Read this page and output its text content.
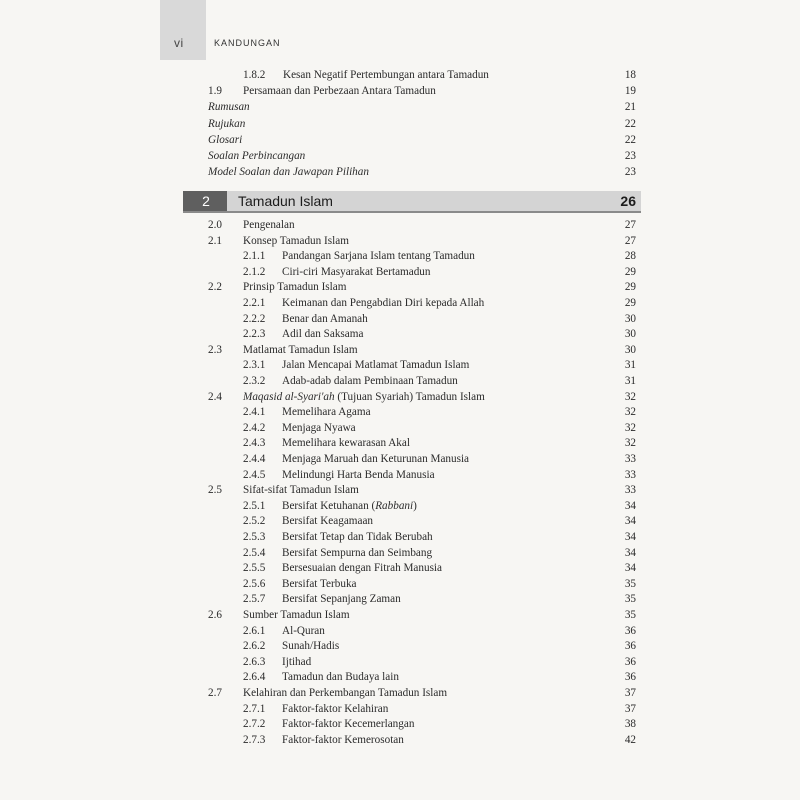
vi	KANDUNGAN
1.8.2 Kesan Negatif Pertembungan antara Tamadun	18
1.9 Persamaan dan Perbezaan Antara Tamadun	19
Rumusan	21
Rujukan	22
Glosari	22
Soalan Perbincangan	23
Model Soalan dan Jawapan Pilihan	23
2	Tamadun Islam	26
2.0 Pengenalan	27
2.1 Konsep Tamadun Islam	27
2.1.1 Pandangan Sarjana Islam tentang Tamadun	28
2.1.2 Ciri-ciri Masyarakat Bertamadun	29
2.2 Prinsip Tamadun Islam	29
2.2.1 Keimanan dan Pengabdian Diri kepada Allah	29
2.2.2 Benar dan Amanah	30
2.2.3 Adil dan Saksama	30
2.3 Matlamat Tamadun Islam	30
2.3.1 Jalan Mencapai Matlamat Tamadun Islam	31
2.3.2 Adab-adab dalam Pembinaan Tamadun	31
2.4 Maqasid al-Syari'ah (Tujuan Syariah) Tamadun Islam	32
2.4.1 Memelihara Agama	32
2.4.2 Menjaga Nyawa	32
2.4.3 Memelihara kewarasan Akal	32
2.4.4 Menjaga Maruah dan Keturunan Manusia	33
2.4.5 Melindungi Harta Benda Manusia	33
2.5 Sifat-sifat Tamadun Islam	33
2.5.1 Bersifat Ketuhanan (Rabbani)	34
2.5.2 Bersifat Keagamaan	34
2.5.3 Bersifat Tetap dan Tidak Berubah	34
2.5.4 Bersifat Sempurna dan Seimbang	34
2.5.5 Bersesuaian dengan Fitrah Manusia	34
2.5.6 Bersifat Terbuka	35
2.5.7 Bersifat Sepanjang Zaman	35
2.6 Sumber Tamadun Islam	35
2.6.1 Al-Quran	36
2.6.2 Sunah/Hadis	36
2.6.3 Ijtihad	36
2.6.4 Tamadun dan Budaya lain	36
2.7 Kelahiran dan Perkembangan Tamadun Islam	37
2.7.1 Faktor-faktor Kelahiran	37
2.7.2 Faktor-faktor Kecemerlangan	38
2.7.3 Faktor-faktor Kemerosotan	42
